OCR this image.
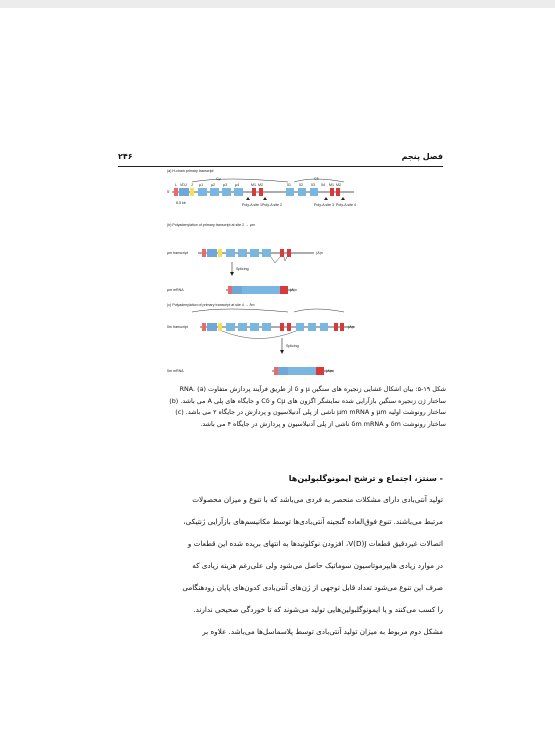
۲۴۶	فصل پنجم
(a) H-chain primary transcript
Cμ	Cδ
5'
L VDJ J μ1 μ2 μ3 μ4	M1 M2	δ1 δ2 δ3 δ4 M1 M2
6.5 kb	Poly-A site 1 Poly-A site 2	Poly-A site 3 Poly-A site 4
(b) Polyadenylation of primary transcript at site 2 → μm
μm transcript	(A)n
Splicing
μm mRNA	(A)n
(c) Polyadenylation of primary transcript at site 4 → δm
δm transcript	(A)n
Splicing
δm mRNA	(A)n
شکل ۱۹-۵: بیان اشکال غشایی زنجیره های سنگین μ و δ از طریق فرآیند پردازش متفاوت RNA. (a)
ساختار ژن زنجیره سنگین بازآرایی شده نمایشگر اگزون های Cμ و Cδ و جایگاه های پلی A می باشد. (b)
ساختار رونوشت اولیه μm و μm mRNA ناشی از پلی آدنیلاسیون و پردازش در جایگاه ۲ می باشد. (c)
ساختار رونوشت δm و δm mRNA ناشی از پلی آدنیلاسیون و پردازش در جایگاه ۴ می باشد.
- سنتز، اجتماع و ترشح ایمونوگلبولین‌ها
تولید آنتی‌بادی دارای مشکلات منحصر به فردی می‌باشد که با تنوع و میزان محصولات
مرتبط می‌باشند. تنوع فوق‌العاده گنجینه آنتی‌بادی‌ها توسط مکانیسم‌های بازآرایی ژنتیکی،
اتصالات غیردقیق قطعات V(D)J، افزودن نوکلوتیدها به انتهای بریده شده این قطعات و
در موارد زیادی هایپرموتاسیون سوماتیک حاصل می‌شود ولی علی‌رغم هزینه زیادی که
صرف این تنوع می‌شود تعداد قابل توجهی از ژن‌های آنتی‌بادی کدون‌های پایان زودهنگامی
را کسب می‌کنند و یا ایمونوگلبولین‌هایی تولید می‌شوند که تا خوردگی صحیحی ندارند.
مشکل دوم مربوط به میزان تولید آنتی‌بادی توسط پلاسماسل‌ها می‌باشد. علاوه بر
